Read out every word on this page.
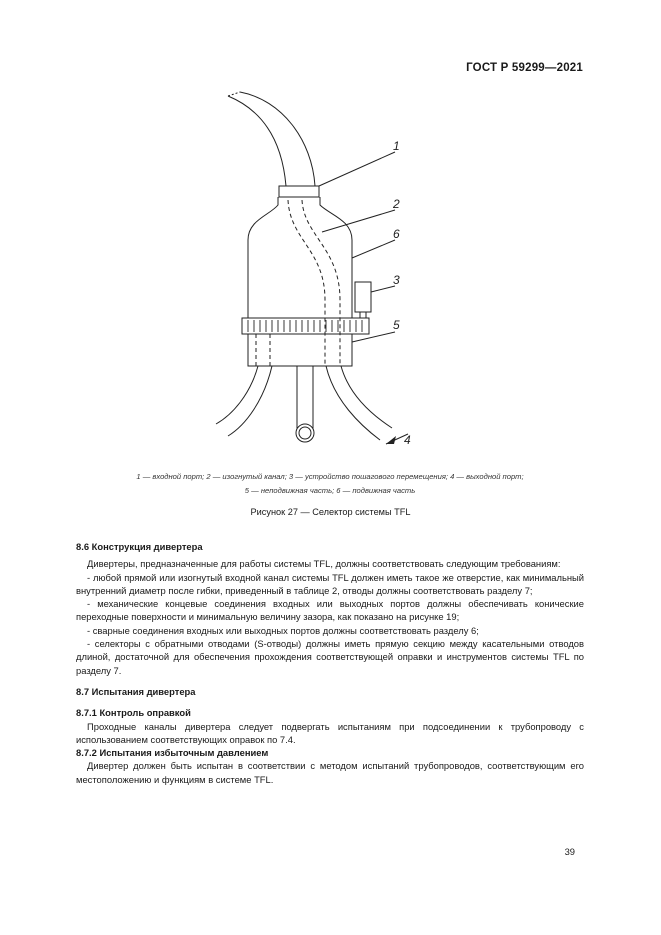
ГОСТ Р 59299—2021
1
2
6
3
5
4
1 — входной порт; 2 — изогнутый канал; 3 — устройство пошагового перемещения; 4 — выходной порт;
5 — неподвижная часть; 6 — подвижная часть
Рисунок 27 — Селектор системы TFL

8.6 Конструкция дивертера

Дивертеры, предназначенные для работы системы TFL, должны соответствовать следующим требованиям:

- любой прямой или изогнутый входной канал системы TFL должен иметь такое же отверстие, как минимальный внутренний диаметр после гибки, приведенный в таблице 2, отводы должны соответствовать разделу 7;

- механические концевые соединения входных или выходных портов должны обеспечивать конические переходные поверхности и минимальную величину зазора, как показано на рисунке 19;

- сварные соединения входных или выходных портов должны соответствовать разделу 6;

- селекторы с обратными отводами (S-отводы) должны иметь прямую секцию между касательными отводов длиной, достаточной для обеспечения прохождения соответствующей оправки и инструментов системы TFL по разделу 7.

8.7 Испытания дивертера

8.7.1 Контроль оправкой

Проходные каналы дивертера следует подвергать испытаниям при подсоединении к трубопроводу с использованием соответствующих оправок по 7.4.

8.7.2 Испытания избыточным давлением

Дивертер должен быть испытан в соответствии с методом испытаний трубопроводов, соответствующим его местоположению и функциям в системе TFL.

39
